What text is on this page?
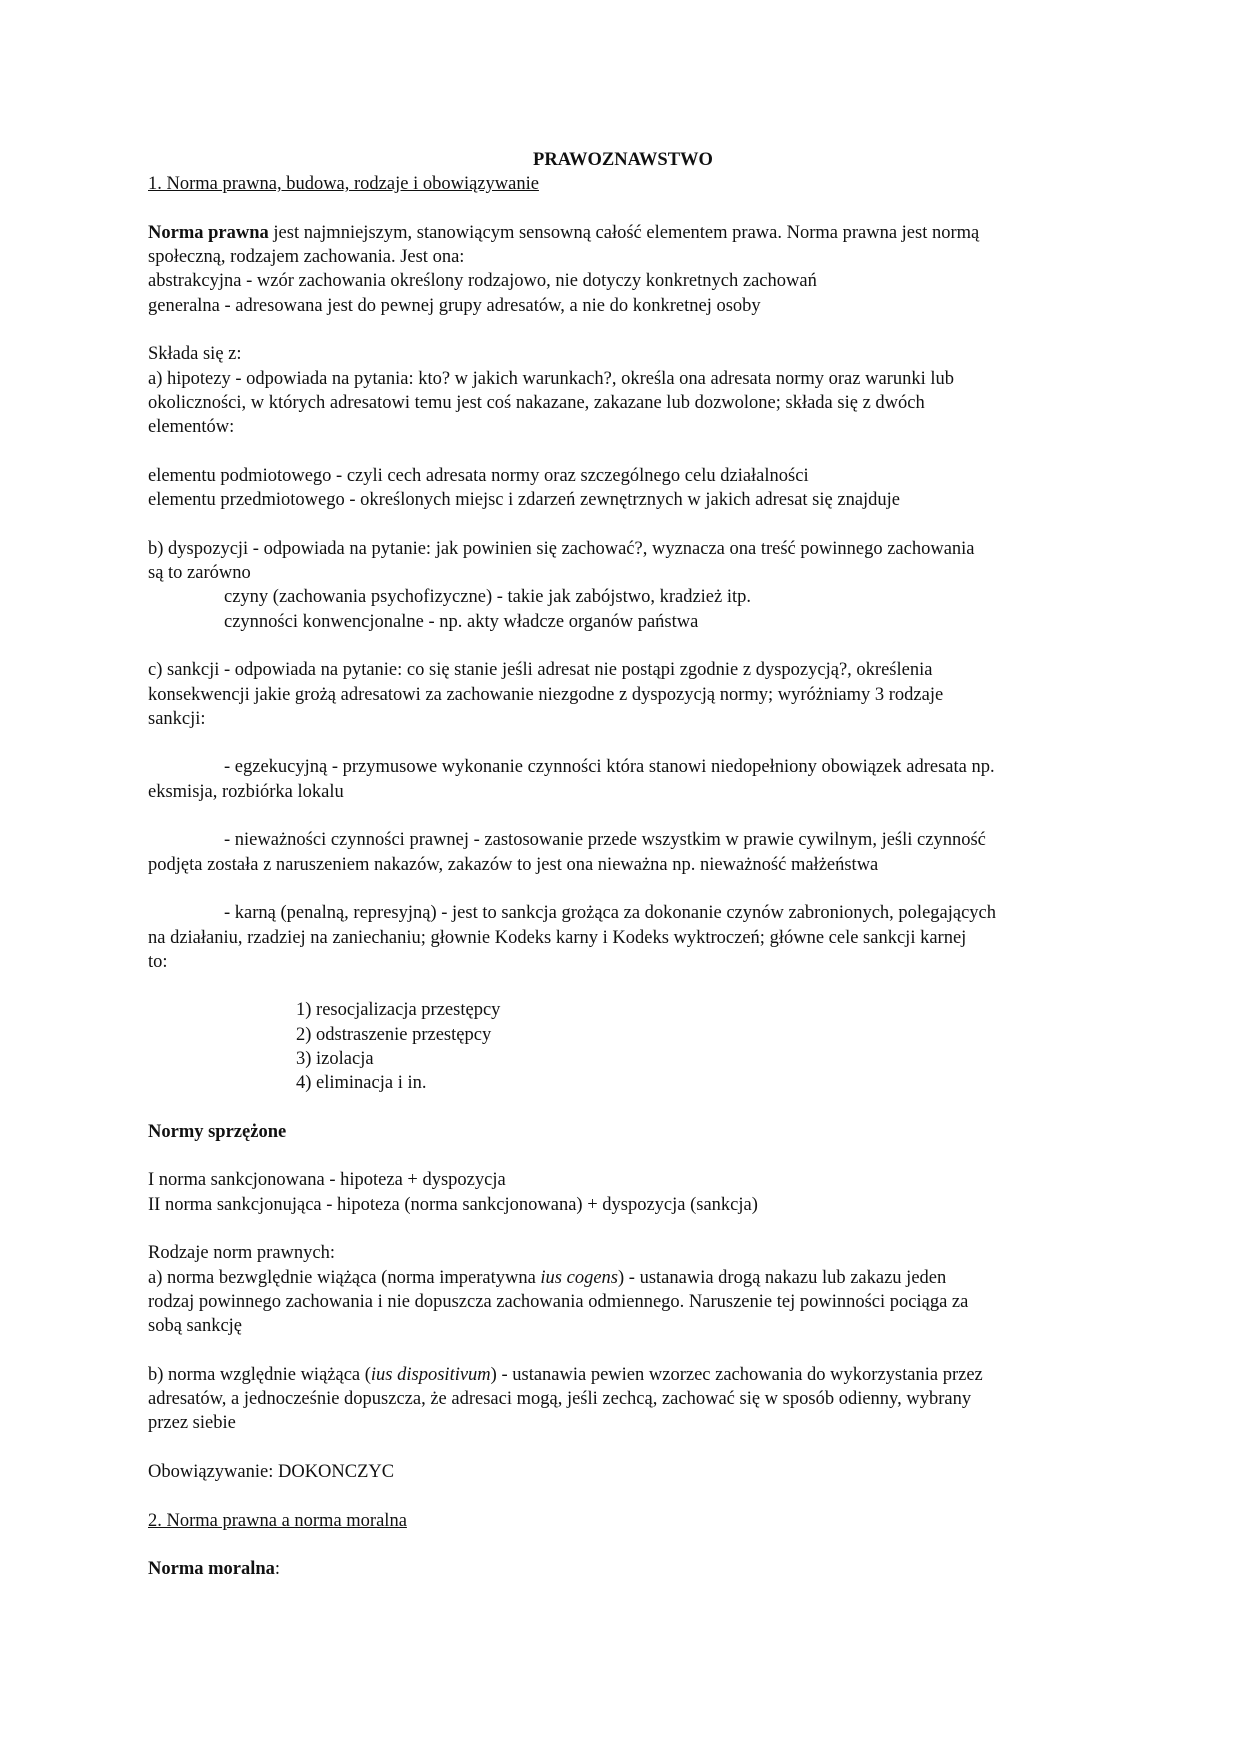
PRAWOZNAWSTWO
1. Norma prawna, budowa, rodzaje i obowiązywanie
Norma prawna jest najmniejszym, stanowiącym sensowną całość elementem prawa. Norma prawna jest normą
społeczną, rodzajem zachowania. Jest ona:
abstrakcyjna - wzór zachowania określony rodzajowo, nie dotyczy konkretnych zachowań
generalna - adresowana jest do pewnej grupy adresatów, a nie do konkretnej osoby
Składa się z:
a) hipotezy - odpowiada na pytania: kto? w jakich warunkach?, określa ona adresata normy oraz warunki lub
okoliczności, w których adresatowi temu jest coś nakazane, zakazane lub dozwolone; składa się z dwóch
elementów:
elementu podmiotowego - czyli cech adresata normy oraz szczególnego celu działalności
elementu przedmiotowego - określonych miejsc i zdarzeń zewnętrznych w jakich adresat się znajduje
b) dyspozycji - odpowiada na pytanie: jak powinien się zachować?, wyznacza ona treść powinnego zachowania
są to zarówno
czyny (zachowania psychofizyczne) - takie jak zabójstwo, kradzież itp.
czynności konwencjonalne - np. akty władcze organów państwa
c) sankcji - odpowiada na pytanie: co się stanie jeśli adresat nie postąpi zgodnie z dyspozycją?, określenia
konsekwencji jakie grożą adresatowi za zachowanie niezgodne z dyspozycją normy; wyróżniamy 3 rodzaje
sankcji:
- egzekucyjną - przymusowe wykonanie czynności która stanowi niedopełniony obowiązek adresata np.
eksmisja, rozbiórka lokalu
- nieważności czynności prawnej - zastosowanie przede wszystkim w prawie cywilnym, jeśli czynność
podjęta została z naruszeniem nakazów, zakazów to jest ona nieważna np. nieważność małżeństwa
- karną (penalną, represyjną) - jest to sankcja grożąca za dokonanie czynów zabronionych, polegających
na działaniu, rzadziej na zaniechaniu; głownie Kodeks karny i Kodeks wyktroczeń; główne cele sankcji karnej
to:
1) resocjalizacja przestępcy
2) odstraszenie przestępcy
3) izolacja
4) eliminacja i in.
Normy sprzężone
I norma sankcjonowana - hipoteza + dyspozycja
II norma sankcjonująca - hipoteza (norma sankcjonowana) + dyspozycja (sankcja)
Rodzaje norm prawnych:
a) norma bezwględnie wiążąca (norma imperatywna ius cogens) - ustanawia drogą nakazu lub zakazu jeden
rodzaj powinnego zachowania i nie dopuszcza zachowania odmiennego. Naruszenie tej powinności pociąga za
sobą sankcję
b) norma względnie wiążąca (ius dispositivum) - ustanawia pewien wzorzec zachowania do wykorzystania przez
adresatów, a jednocześnie dopuszcza, że adresaci mogą, jeśli zechcą, zachować się w sposób odienny, wybrany
przez siebie
Obowiązywanie: DOKONCZYC
2. Norma prawna a norma moralna
Norma moralna:
